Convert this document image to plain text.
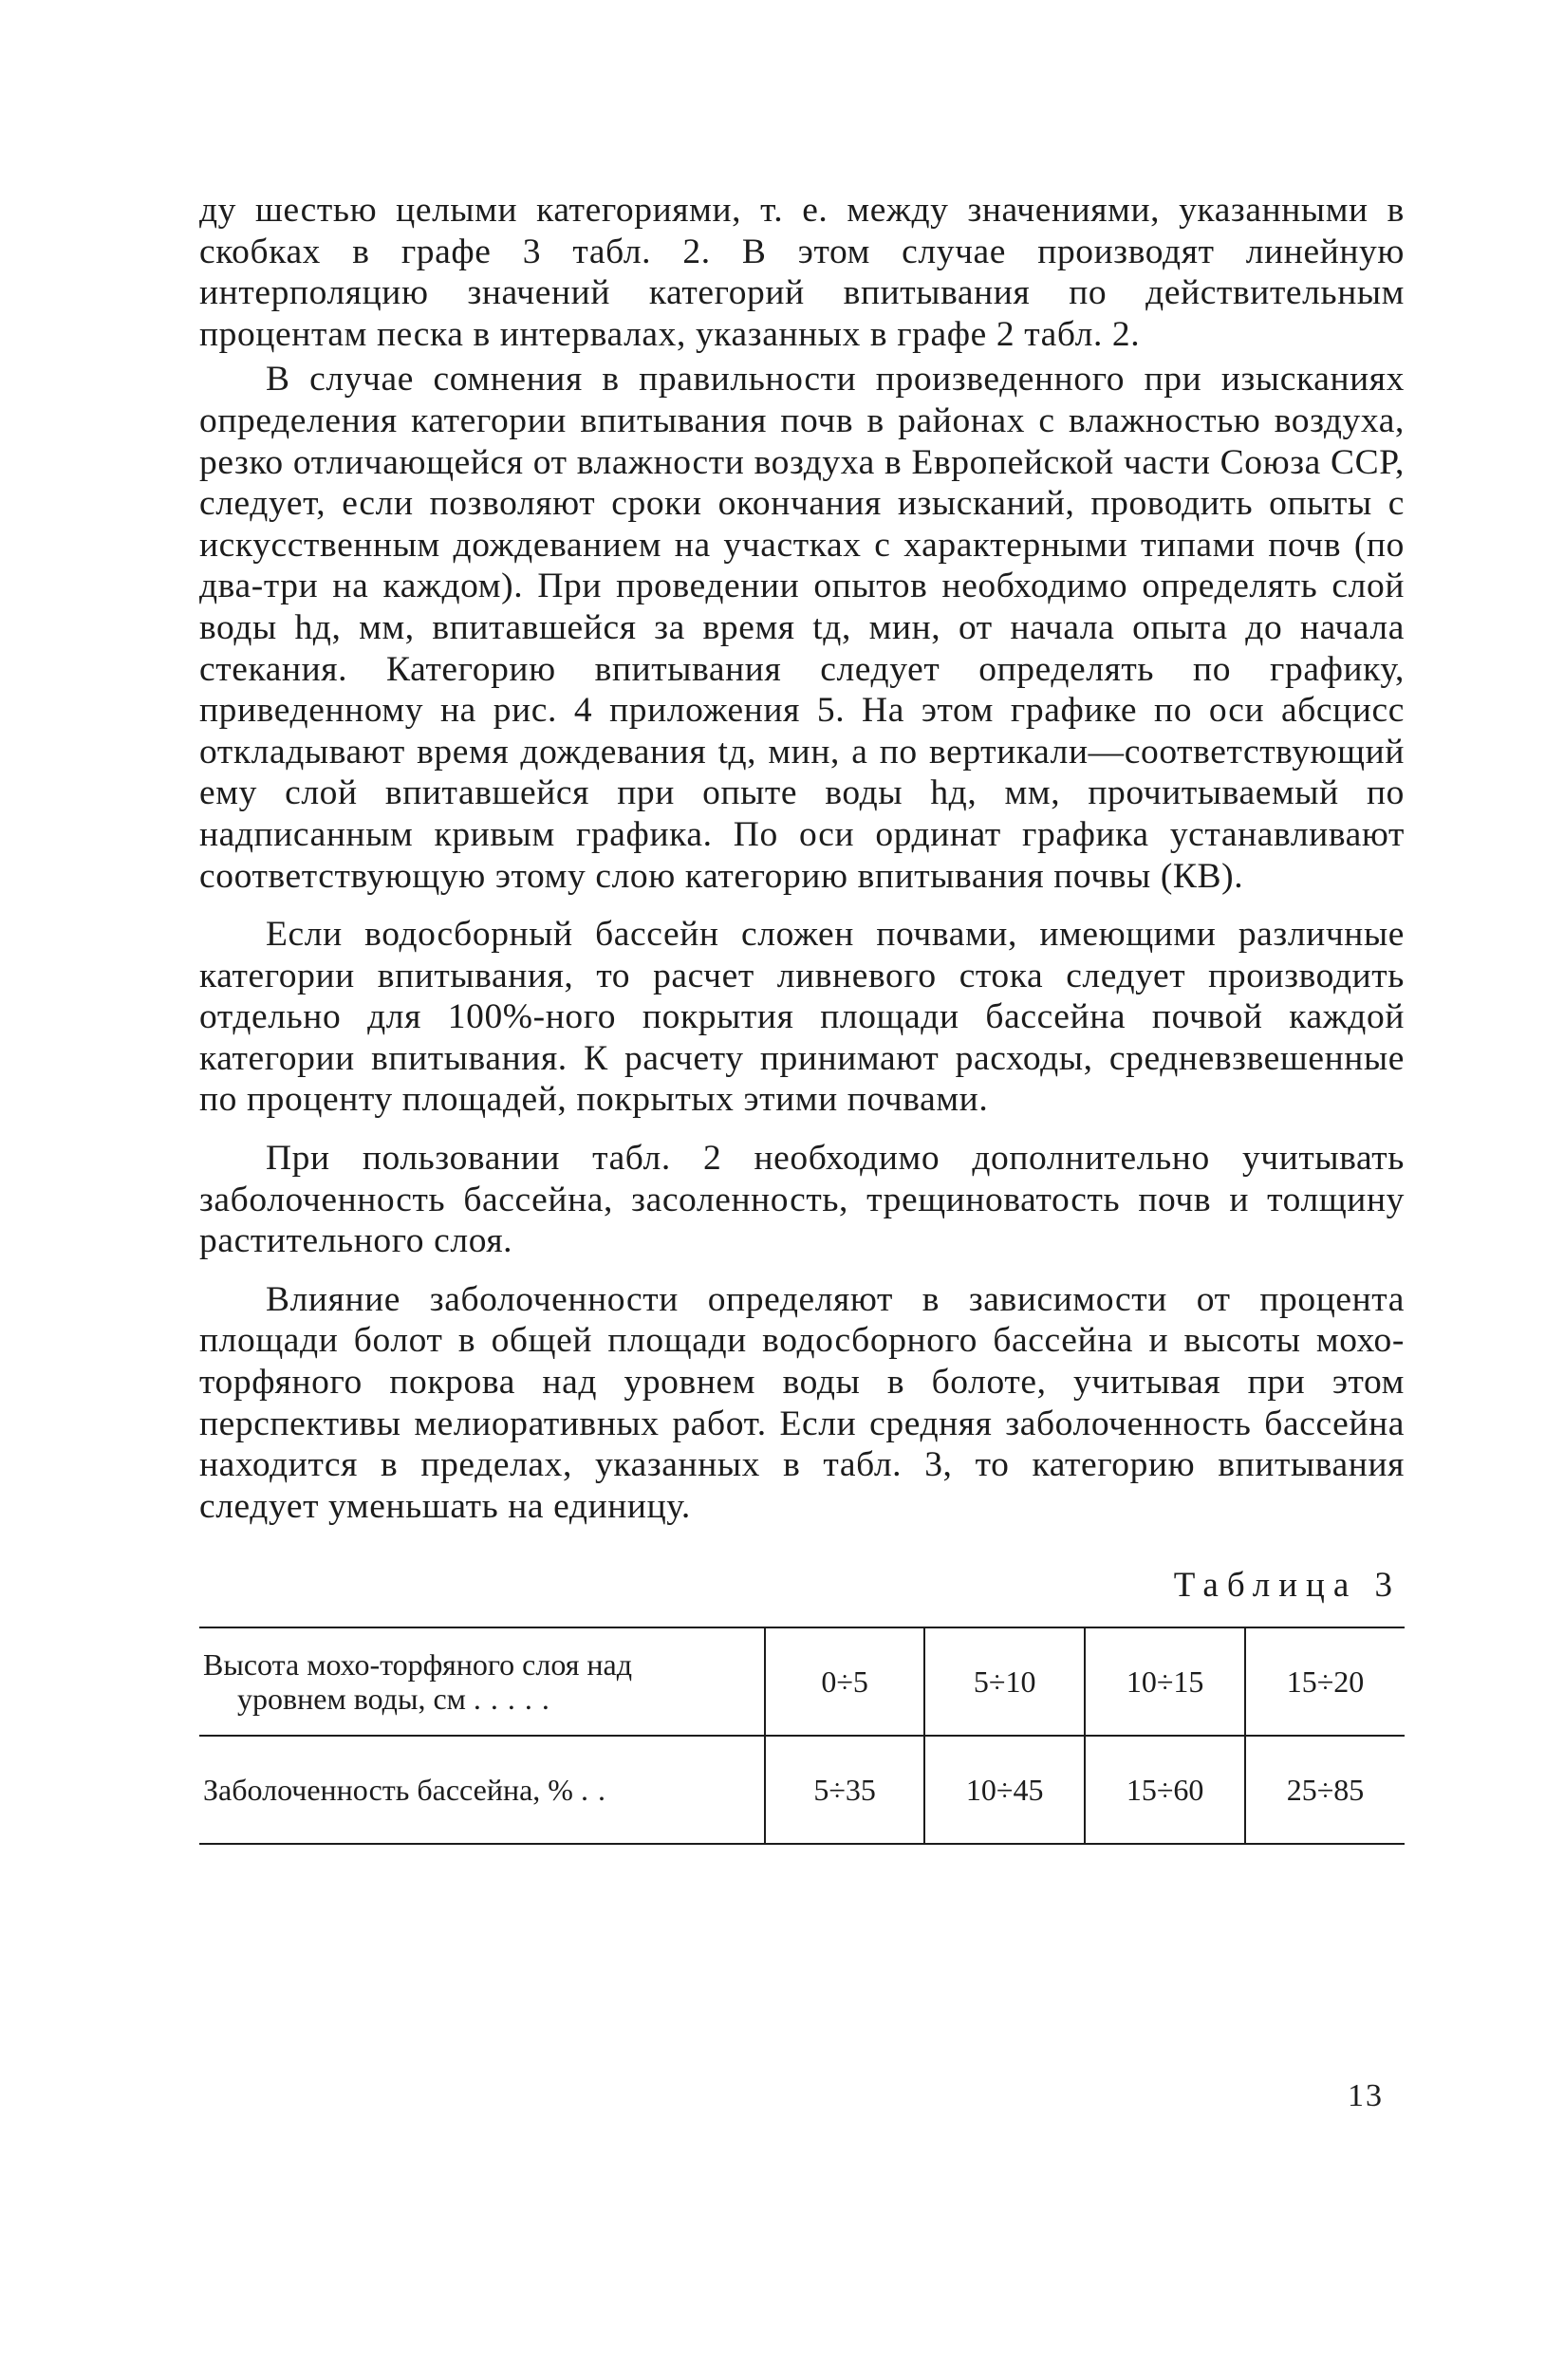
ду шестью целыми категориями, т. е. между значениями, указанными в скобках в графе 3 табл. 2. В этом случае производят линейную интерполяцию значений категорий впитывания по действительным процентам песка в интервалах, указанных в графе 2 табл. 2.

В случае сомнения в правильности произведенного при изысканиях определения категории впитывания почв в районах с влажностью воздуха, резко отличающейся от влажности воздуха в Европейской части Союза ССР, следует, если позволяют сроки окончания изысканий, проводить опыты с искусственным дождеванием на участках с характерными типами почв (по два-три на каждом). При проведении опытов необходимо определять слой воды hд, мм, впитавшейся за время tд, мин, от начала опыта до начала стекания. Категорию впитывания следует определять по графику, приведенному на рис. 4 приложения 5. На этом графике по оси абсцисс откладывают время дождевания tд, мин, а по вертикали—соответствующий ему слой впитавшейся при опыте воды hд, мм, прочитываемый по надписанным кривым графика. По оси ординат графика устанавливают соответствующую этому слою категорию впитывания почвы (КВ).

Если водосборный бассейн сложен почвами, имеющими различные категории впитывания, то расчет ливневого стока следует производить отдельно для 100%-ного покрытия площади бассейна почвой каждой категории впитывания. К расчету принимают расходы, средневзвешенные по проценту площадей, покрытых этими почвами.

При пользовании табл. 2 необходимо дополнительно учитывать заболоченность бассейна, засоленность, трещиноватость почв и толщину растительного слоя.

Влияние заболоченности определяют в зависимости от процента площади болот в общей площади водосборного бассейна и высоты мохо-торфяного покрова над уровнем воды в болоте, учитывая при этом перспективы мелиоративных работ. Если средняя заболоченность бассейна находится в пределах, указанных в табл. 3, то категорию впитывания следует уменьшать на единицу.

Таблица 3
Высота мохо-торфяного слоя над
уровнем воды, см .....	0÷5	5÷10	10÷15	15÷20
Заболоченность бассейна, % ..	5÷35	10÷45	15÷60	25÷85
13
